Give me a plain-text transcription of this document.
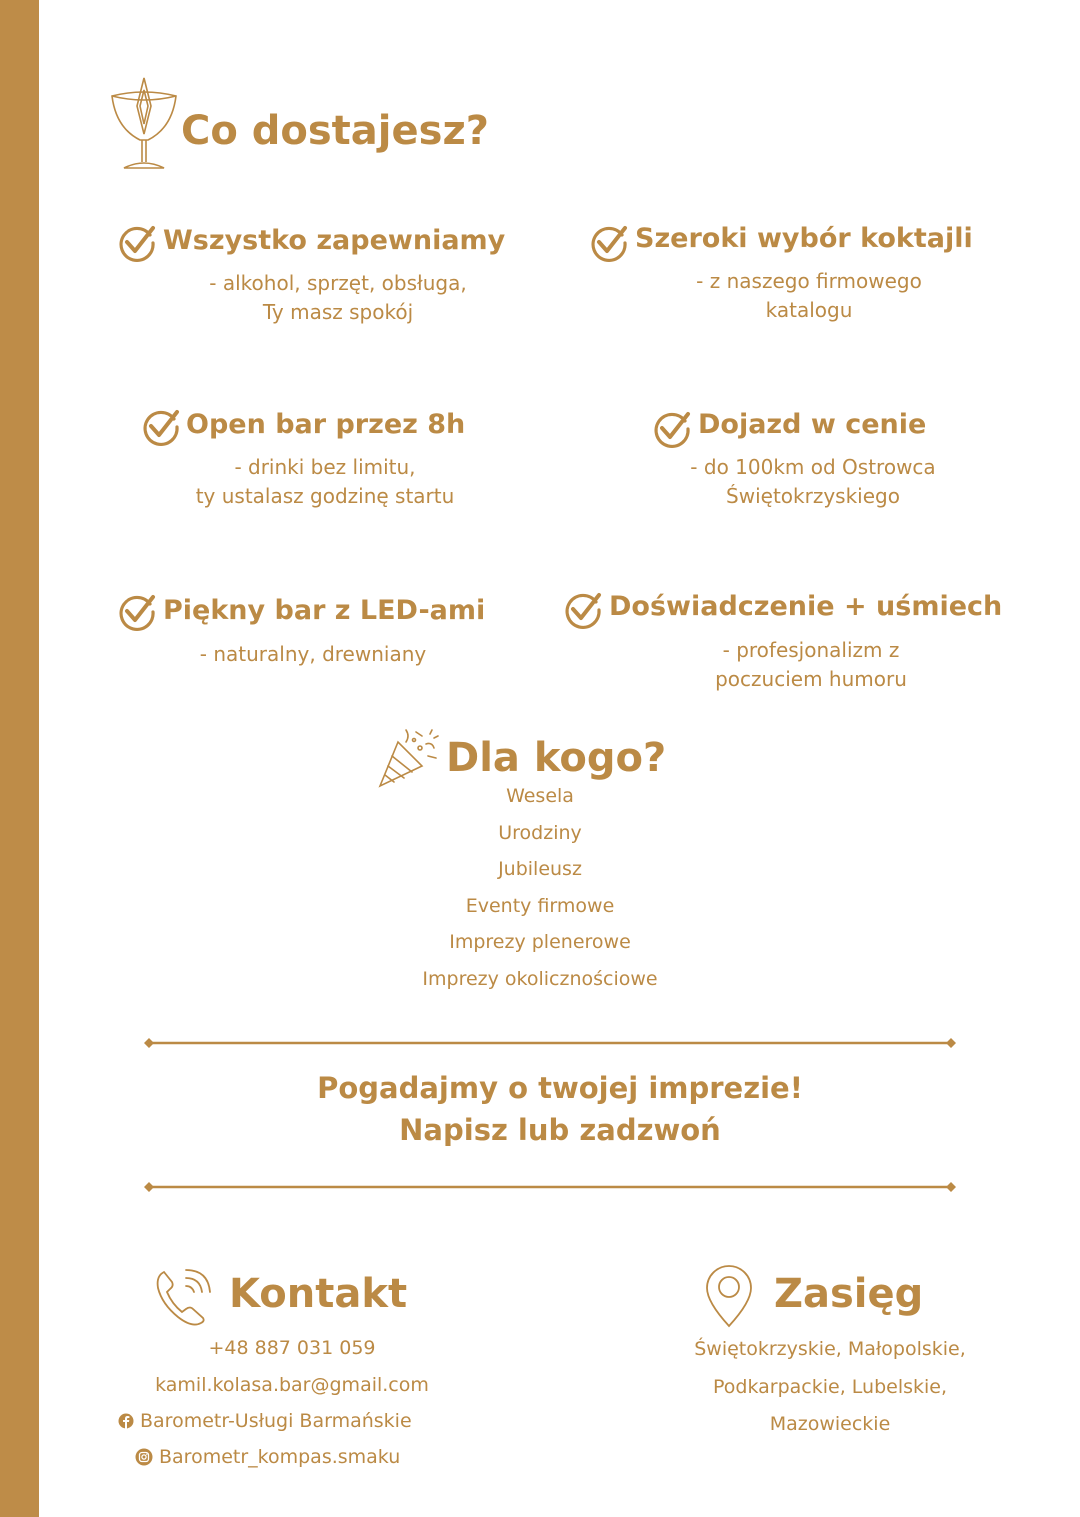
Co dostajesz?
Wszystko zapewniamy
- alkohol, sprzęt, obsługa,
Ty masz spokój
Szeroki wybór koktajli
- z naszego firmowego
katalogu
Open bar przez 8h
- drinki bez limitu,
ty ustalasz godzinę startu
Dojazd w cenie
- do 100km od Ostrowca
Świętokrzyskiego
Piękny bar z LED-ami
- naturalny, drewniany
Doświadczenie + uśmiech
- profesjonalizm z
poczuciem humoru
Dla kogo?
Wesela
Urodziny
Jubileusz
Eventy firmowe
Imprezy plenerowe
Imprezy okolicznościowe
Pogadajmy o twojej imprezie!
Napisz lub zadzwoń
Kontakt
+48 887 031 059
kamil.kolasa.bar@gmail.com
Barometr-Usługi Barmańskie
Barometr_kompas.smaku
Zasięg
Świętokrzyskie, Małopolskie,
Podkarpackie, Lubelskie,
Mazowieckie
